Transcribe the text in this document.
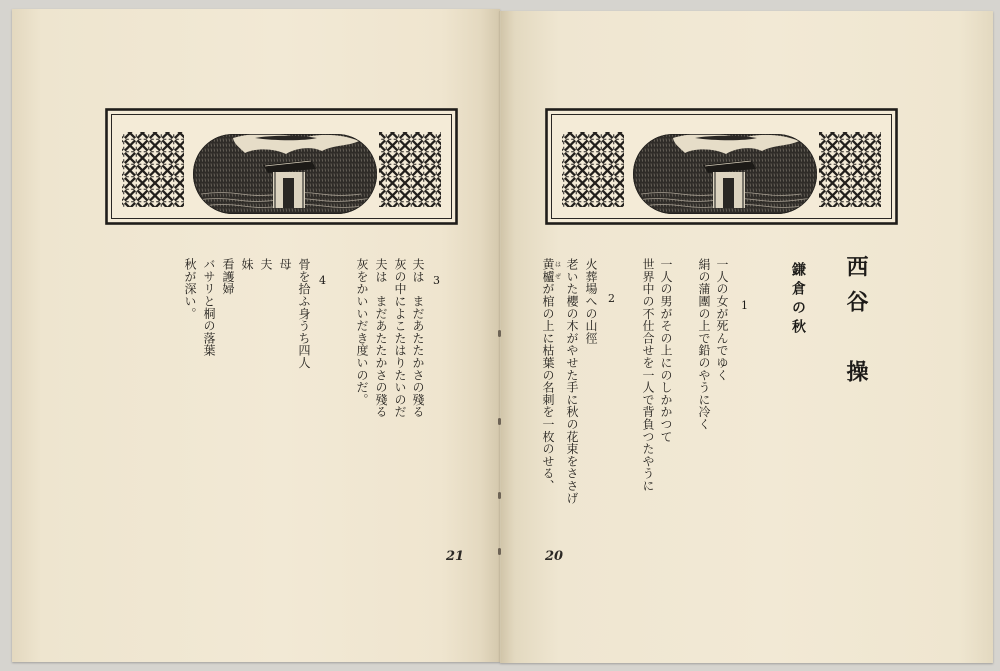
3
夫は　まだあたたかさの殘る
灰の中によこたはりたいのだ
夫は　まだあたたかさの殘る
灰をかいいだき度いのだ。
4
骨を拾ふ身うち四人
母
夫
妹
看護婦
バサリと桐の落葉
秋が深い。
21
西谷　操
鎌倉の秋
1
一人の女が死んでゆく
絹の蒲團の上で鉛のやうに冷く
一人の男がその上にのしかかつて
世界中の不仕合せを一人で背負つたやうに
2
火葬場への山徑
老いた櫻の木がやせた手に秋の花束をささげ
黄櫨はぜが棺の上に枯葉の名刺を一枚のせる、
20
